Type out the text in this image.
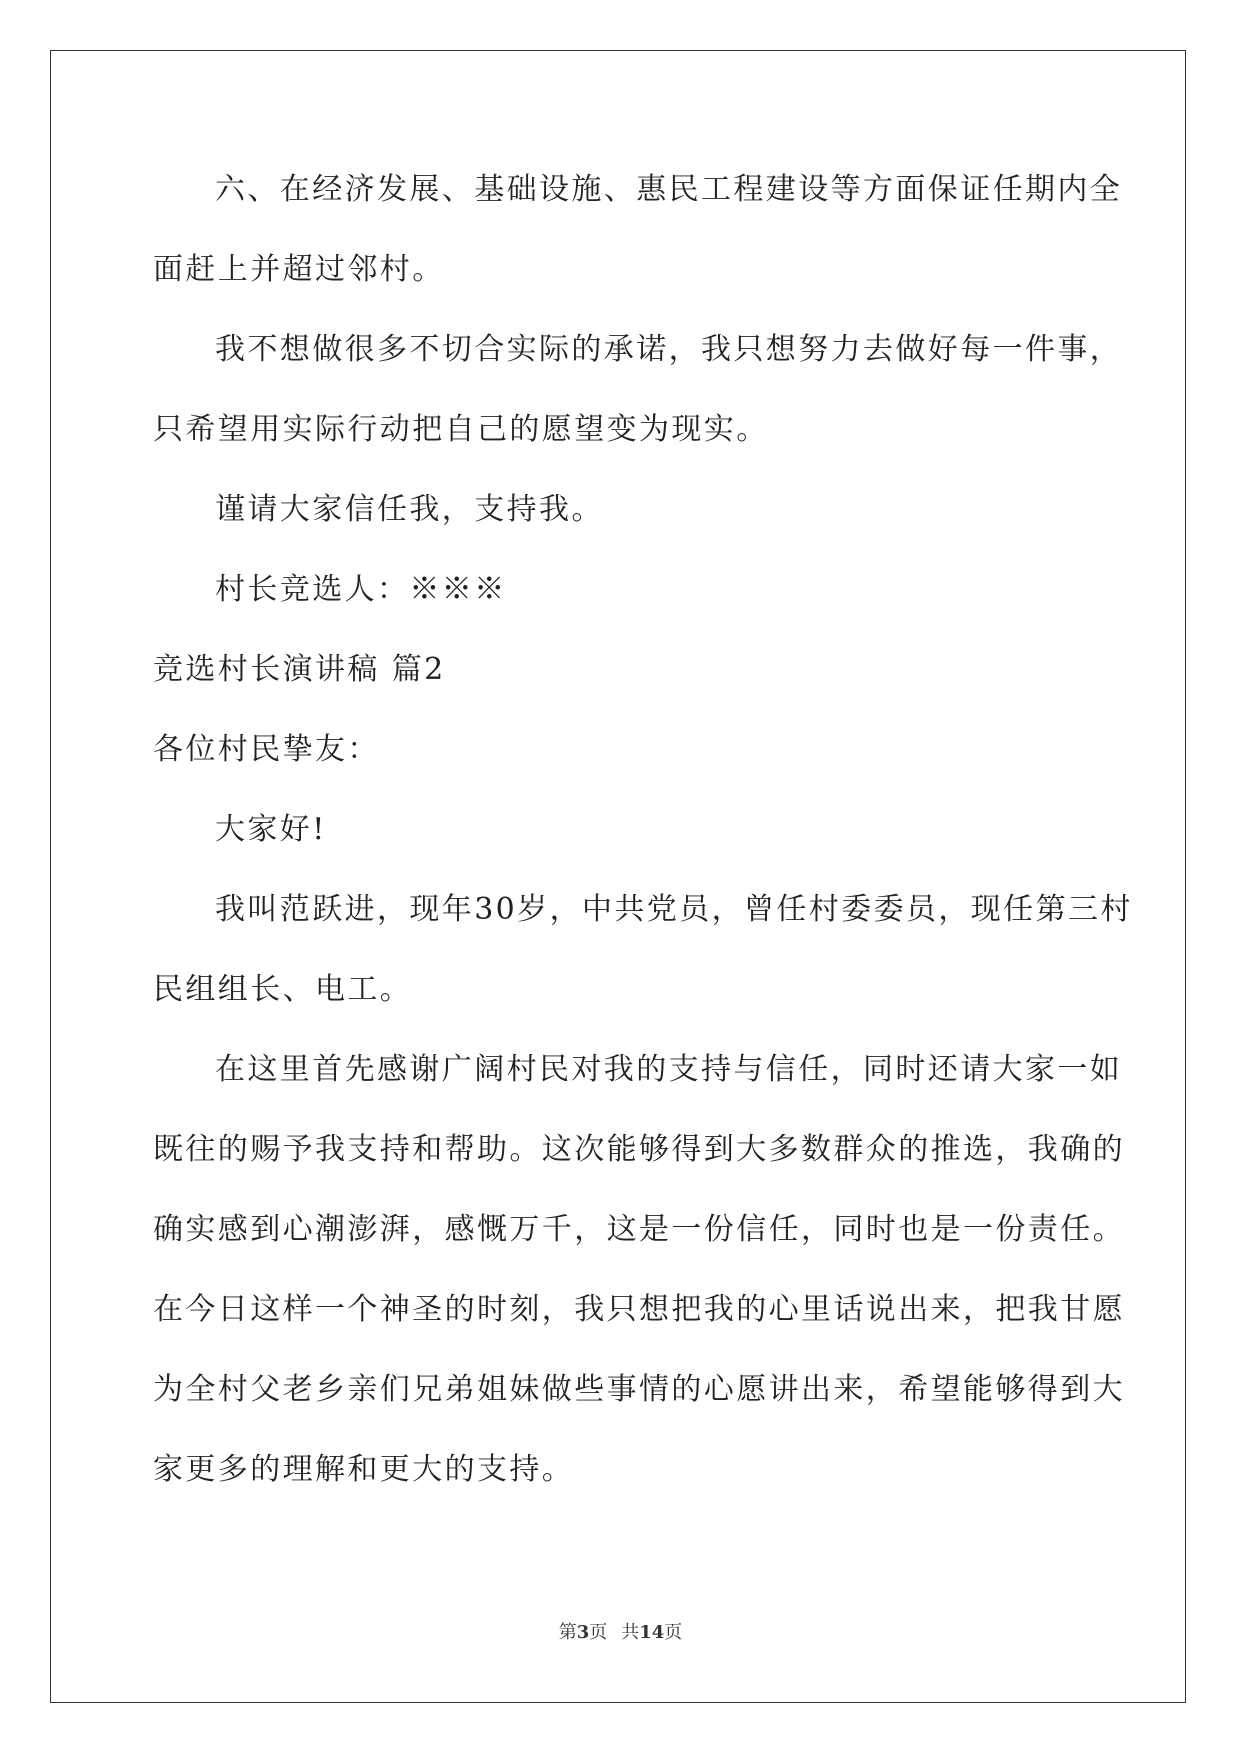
六、在经济发展、基础设施、惠民工程建设等方面保证任期内全

面赶上并超过邻村。

我不想做很多不切合实际的承诺，我只想努力去做好每一件事，

只希望用实际行动把自己的愿望变为现实。

谨请大家信任我，支持我。

村长竞选人：※※※

竞选村长演讲稿 篇2

各位村民挚友：

大家好!

我叫范跃进，现年30岁，中共党员，曾任村委委员，现任第三村

民组组长、电工。

在这里首先感谢广阔村民对我的支持与信任，同时还请大家一如

既往的赐予我支持和帮助。这次能够得到大多数群众的推选，我确的

确实感到心潮澎湃，感慨万千，这是一份信任，同时也是一份责任。

在今日这样一个神圣的时刻，我只想把我的心里话说出来，把我甘愿

为全村父老乡亲们兄弟姐妹做些事情的心愿讲出来，希望能够得到大

家更多的理解和更大的支持。

第3页 共14页
